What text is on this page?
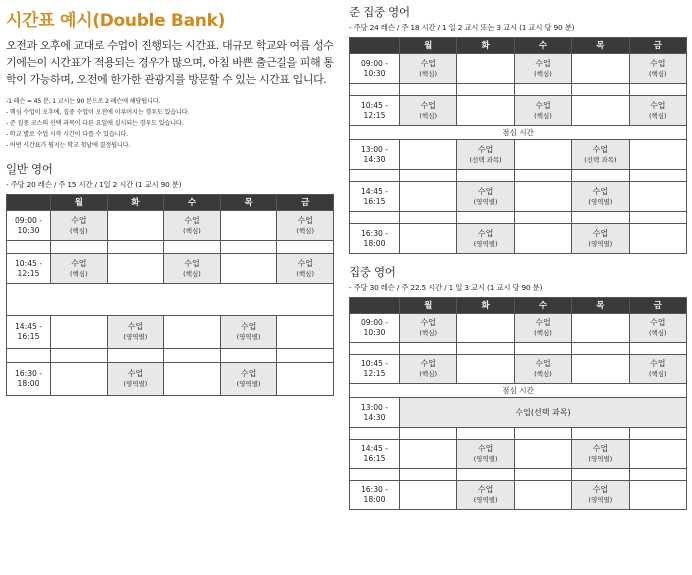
시간표 예시(Double Bank)
오전과 오후에 교대로 수업이 진행되는 시간표. 대규모 학교와 여름 성수기에는이 시간표가 적용되는 경우가 많으며, 아침 바쁜 출근길을 피해 통학이 가능하며, 오전에 한가한 관광지를 방문할 수 있는 시간표 입니다.
-1 레슨 = 45 분, 1 교시는 90 분으로 2 레슨에 해당됩니다.
- 핵심 수업이 오후에, 집중 수업이 오전에 이루어지는 경우도 있습니다.
- 준 집중 코스의 선택 과목이 다른 요일에 실시되는 경우도 있습니다.
- 학교 별로 수업 시작 시간이 다를 수 있습니다.
- 어떤 시간표가 될지는 학교 첫날에 결정됩니다.
일반 영어
- 주당 20 레슨 / 주 15 시간 / 1일 2 시간 (1 교시 90 분)
	월	화	수	목	금
09:00 -
10:30	수업
(핵심)		수업
(핵심)		수업
(핵심)

10:45 -
12:15	수업
(핵심)		수업
(핵심)		수업
(핵심)

14:45 -
16:15		수업
(영역별)		수업
(영역별)	

16:30 -
18:00		수업
(영역별)		수업
(영역별)	

준 집중 영어
- 주당 24 레슨 / 주 18 시간 / 1 일 2 교시 또는 3 교시 (1 교시 당 90 분)
	월	화	수	목	금
09:00 -
10:30	수업
(핵심)		수업
(핵심)		수업
(핵심)

10:45 -
12:15	수업
(핵심)		수업
(핵심)		수업
(핵심)

점심 시간					
13:00 -
14:30		수업
(선택 과목)		수업
(선택 과목)	

14:45 -
16:15		수업
(영역별)		수업
(영역별)	

16:30 -
18:00		수업
(영역별)		수업
(영역별)	

집중 영어
- 주당 30 레슨 / 주 22.5 시간 / 1 일 3 교시 (1 교시 당 90 분)
	월	화	수	목	금
09:00 -
10:30	수업
(핵심)		수업
(핵심)		수업
(핵심)

10:45 -
12:15	수업
(핵심)		수업
(핵심)		수업
(핵심)

점심 시간					
13:00 -
14:30	수업(선택 과목)				

14:45 -
16:15		수업
(영역별)		수업
(영역별)	

16:30 -
18:00		수업
(영역별)		수업
(영역별)	
